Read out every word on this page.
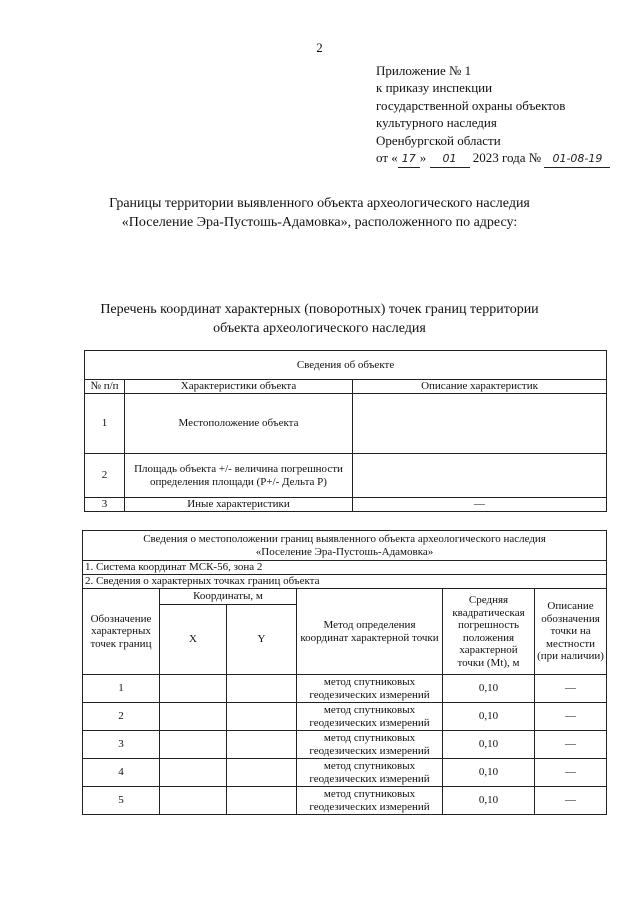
2
Приложение № 1
к приказу инспекции
государственной охраны объектов
культурного наследия
Оренбургской области
от « 17 » 01 2023 года № 01-08-19
Границы территории выявленного объекта археологического наследия
«Поселение Эра-Пустошь-Адамовка», расположенного по адресу:
Перечень координат характерных (поворотных) точек границ территории
объекта археологического наследия
Сведения об объекте		
№ п/п	Характеристики объекта	Описание характеристик
1	Местоположение объекта	
2	Площадь объекта +/- величина погрешности определения площади (Р+/- Дельта Р)	
3	Иные характеристики	—
Сведения о местоположении границ выявленного объекта археологического наследия
«Поселение Эра-Пустошь-Адамовка»					

1. Система координат МСК-56, зона 2					
2. Сведения о характерных точках границ объекта					
Обозначение характерных точек границ	Координаты, м		Метод определения координат характерной точки	Средняя квадратическая погрешность положения характерной точки (Mt), м	Описание обозначения точки на местности (при наличии)
	X	Y			
1			метод спутниковых геодезических измерений	0,10	—
2			метод спутниковых геодезических измерений	0,10	—
3			метод спутниковых геодезических измерений	0,10	—
4			метод спутниковых геодезических измерений	0,10	—
5			метод спутниковых геодезических измерений	0,10	—
